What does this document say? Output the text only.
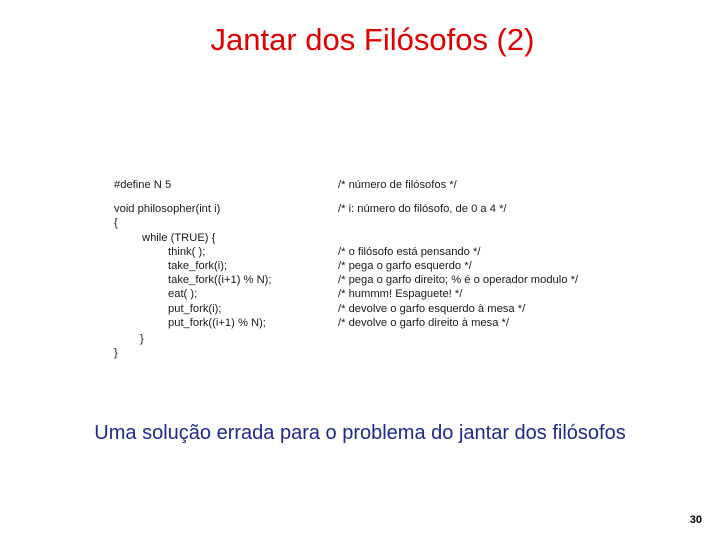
Jantar dos Filósofos (2)
#define N 5	/* número de filósofos */
void philosopher(int i)	/* i: número do filósofo, de 0 a 4 */
{
while (TRUE) {
think( );	/* o filósofo está pensando */
take_fork(i);	/* pega o garfo esquerdo */
take_fork((i+1) % N);	/* pega o garfo direito; % é o operador modulo */
eat( );	/* hummm! Espaguete! */
put_fork(i);	/* devolve o garfo esquerdo à mesa */
put_fork((i+1) % N);	/* devolve o garfo direito à mesa */
}
}
Uma solução errada para o problema do jantar dos filósofos
30
